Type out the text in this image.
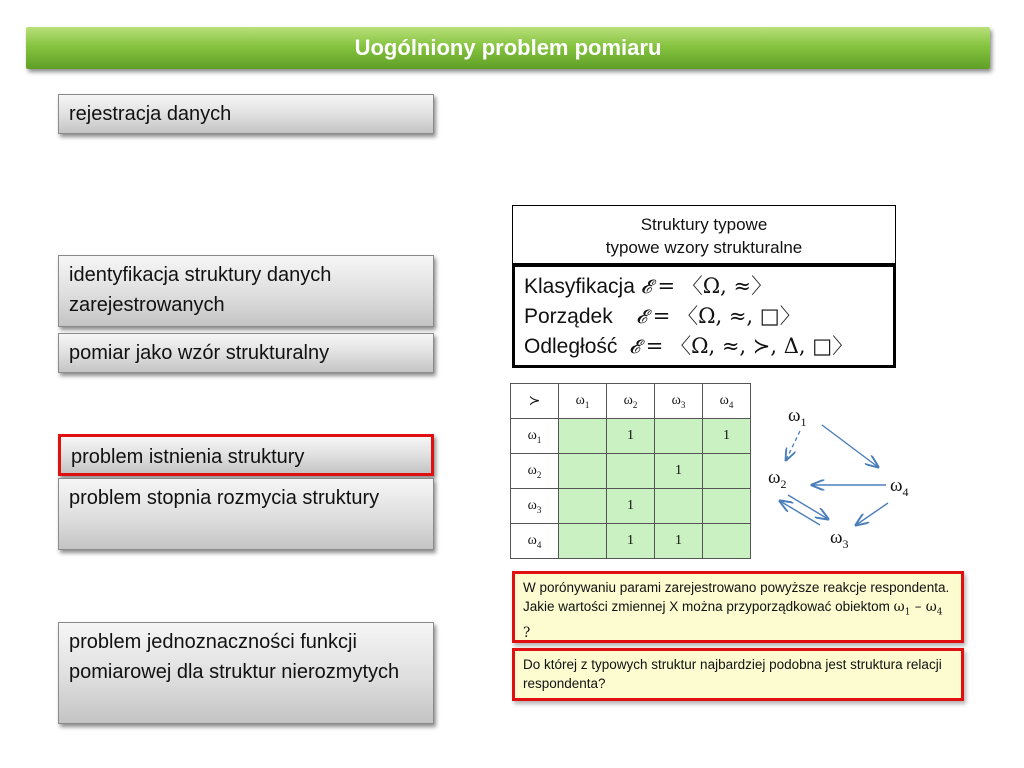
Uogólniony problem pomiaru
rejestracja danych
identyfikacja struktury danych zarejestrowanych
pomiar jako wzór strukturalny
problem istnienia struktury
problem stopnia rozmycia struktury
problem jednoznaczności funkcji pomiarowej dla struktur nierozmytych
Struktury typowe
typowe wzory strukturalne
Klasyfikacja 𝓔 = 〈Ω, ≈〉
Porządek 𝓔 = 〈Ω, ≈, □〉
Odległość 𝓔 = 〈Ω, ≈, ≻, Δ, □〉
≻	$\omega_1$	$\omega_2$	$\omega_3$	$\omega_4$
$\omega_1$		1		1
$\omega_2$			1	
$\omega_3$		1		
$\omega_4$		1	1	
$\omega_1$
$\omega_2$	$\omega_4$
$\omega_3$
W porónywaniu parami zarejestrowano powyższe reakcje respondenta. Jakie wartości zmiennej X można przyporządkować obiektom $\omega_1 - \omega_4$ ?
Do której z typowych struktur najbardziej podobna jest struktura relacji respondenta?
